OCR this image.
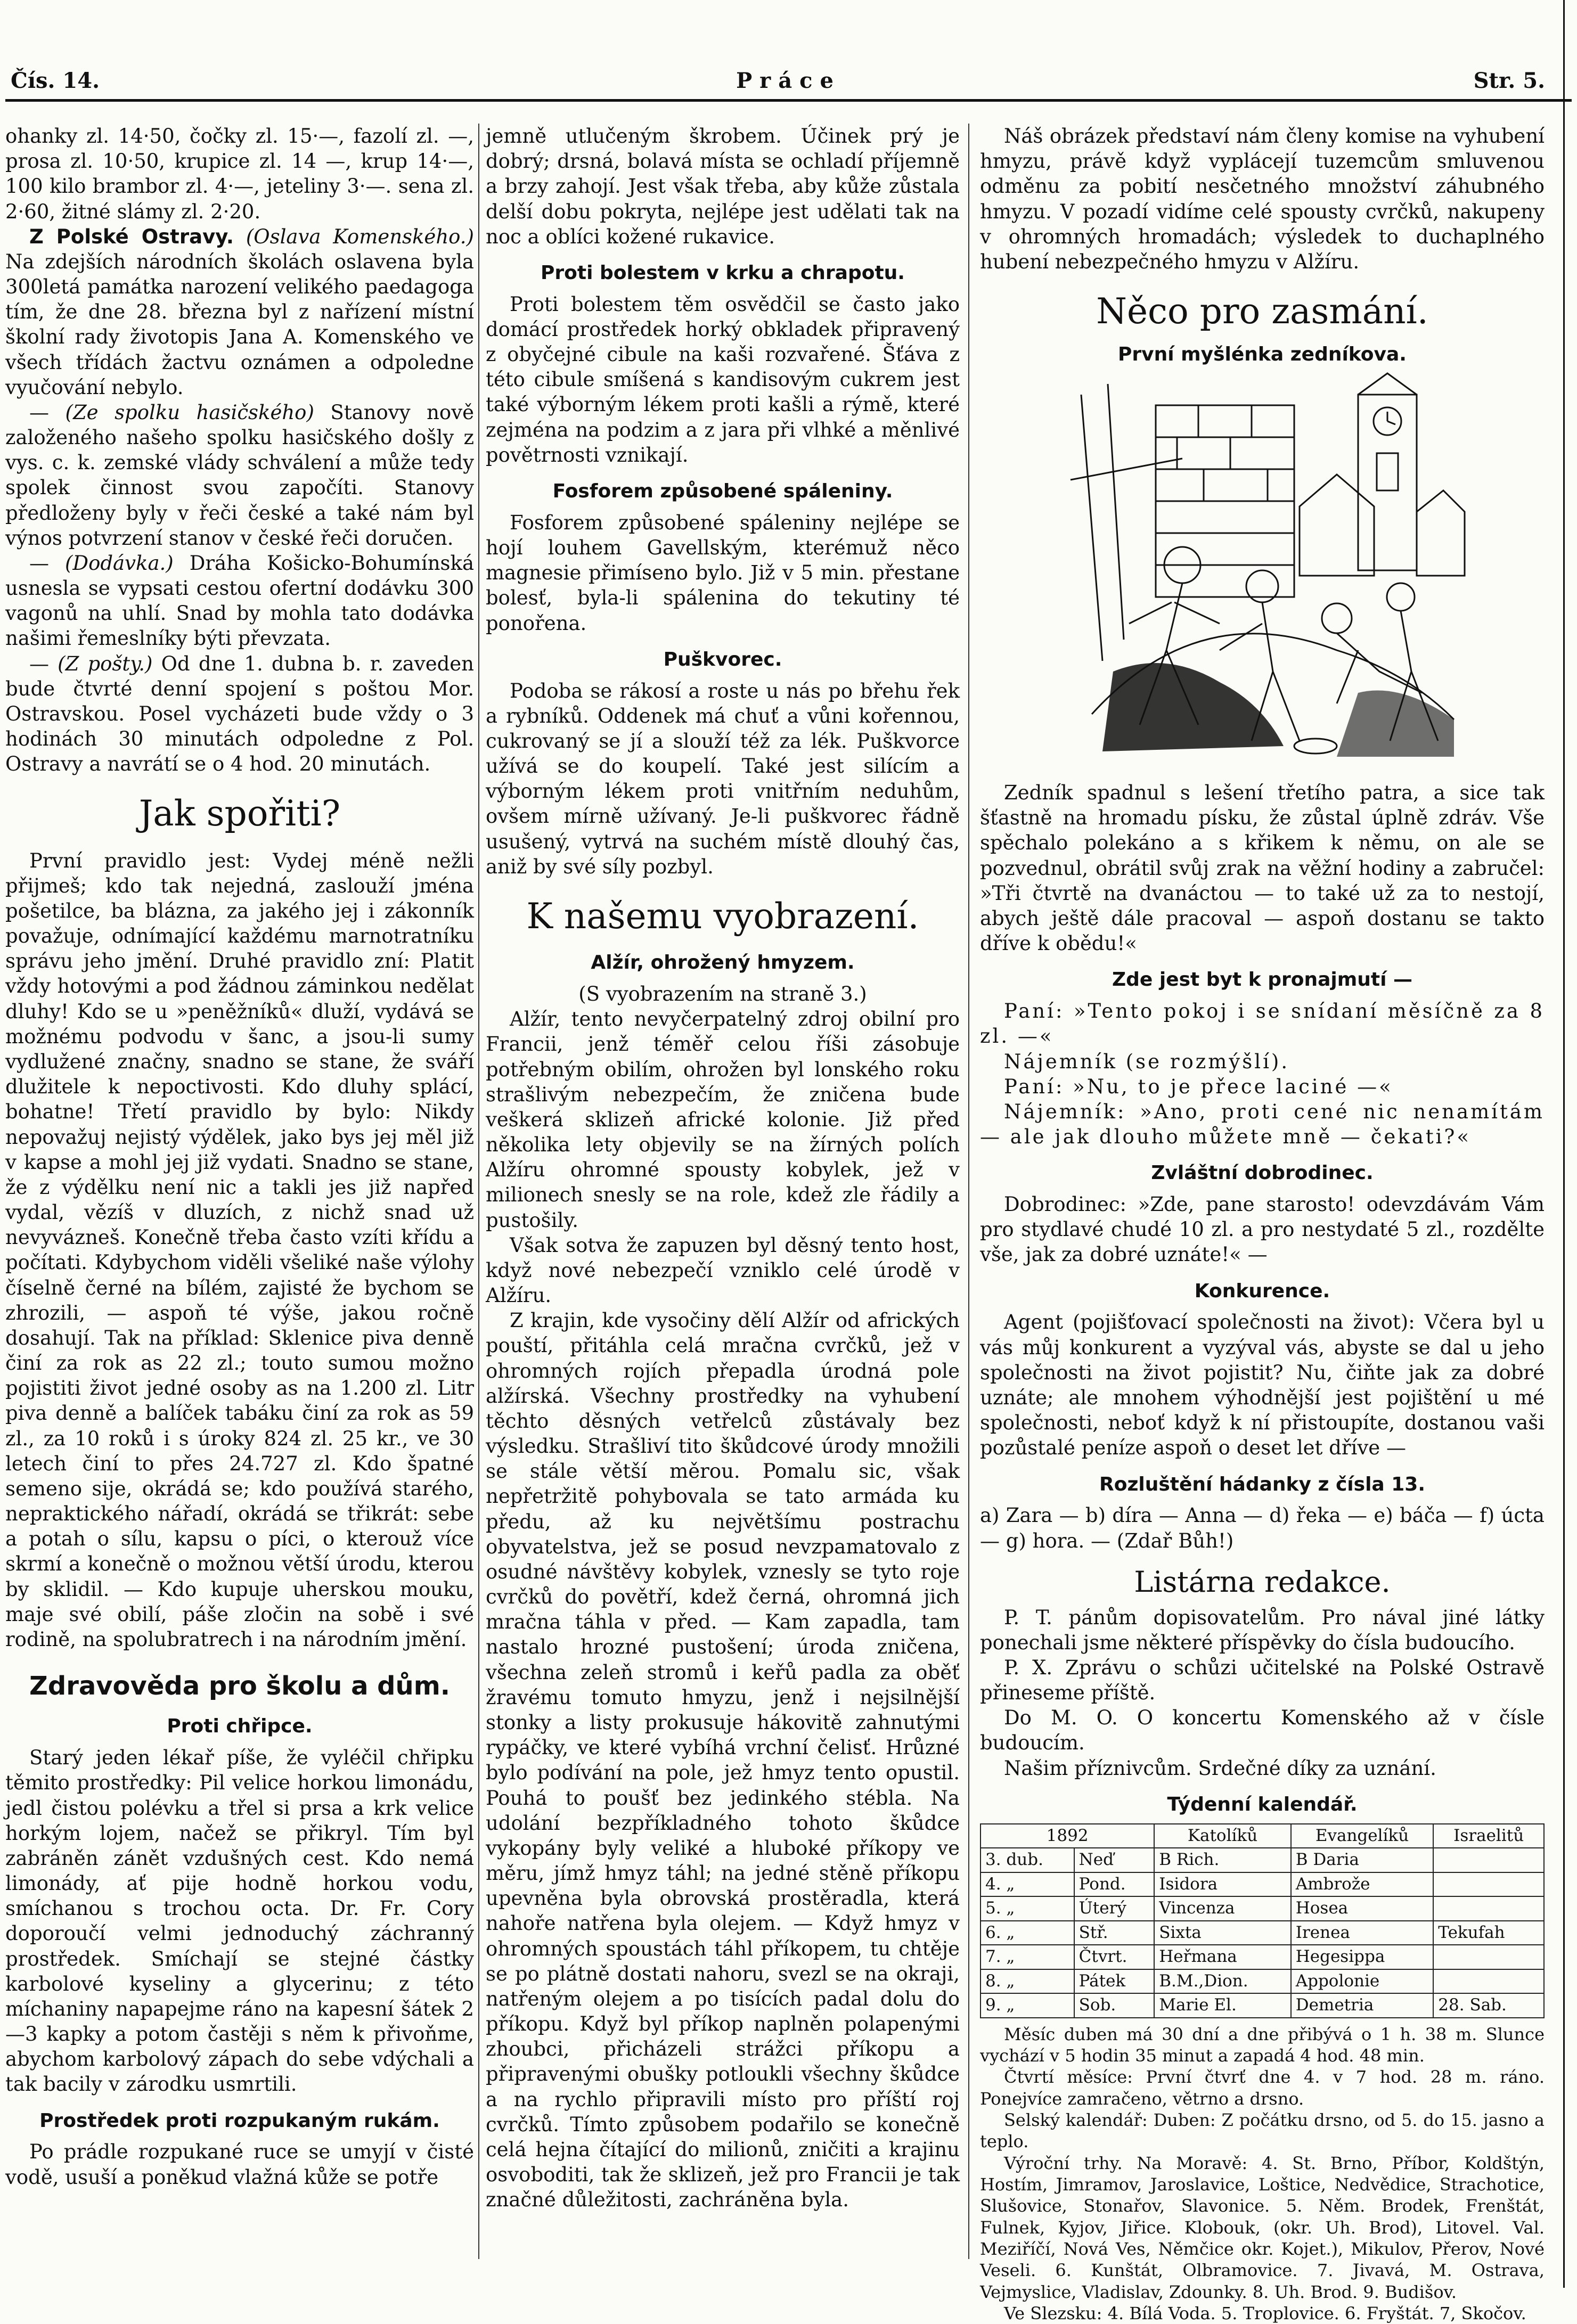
Čís. 14.	Práce	Str. 5.

ohanky zl. 14·50, čočky zl. 15·—, fazolí zl. —, prosa zl. 10·50, krupice zl. 14 —, krup 14·—, 100 kilo brambor zl. 4·—, jeteliny 3·—. sena zl. 2·60, žitné slámy zl. 2·20.

Z Polské Ostravy. (Oslava Komenského.) Na zdejších národních školách oslavena byla 300letá památka narození velikého paedagoga tím, že dne 28. března byl z nařízení místní školní rady životopis Jana A. Komenského ve všech třídách žactvu oznámen a odpoledne vyučování nebylo.

— (Ze spolku hasičského) Stanovy nově založeného našeho spolku hasičského došly z vys. c. k. zemské vlády schválení a může tedy spolek činnost svou započíti. Stanovy předloženy byly v řeči české a také nám byl výnos potvrzení stanov v české řeči doručen.

— (Dodávka.) Dráha Košicko-Bohumínská usnesla se vypsati cestou ofertní dodávku 300 vagonů na uhlí. Snad by mohla tato dodávka našimi řemeslníky býti převzata.

— (Z pošty.) Od dne 1. dubna b. r. zaveden bude čtvrté denní spojení s poštou Mor. Ostravskou. Posel vycházeti bude vždy o 3 hodinách 30 minutách odpoledne z Pol. Ostravy a navrátí se o 4 hod. 20 minutách.

Jak spořiti?

První pravidlo jest: Vydej méně nežli přijmeš; kdo tak nejedná, zaslouží jména pošetilce, ba blázna, za jakého jej i zákonník považuje, odnímající každému marnotratníku správu jeho jmění. Druhé pravidlo zní: Platit vždy hotovými a pod žádnou záminkou nedělat dluhy! Kdo se u »peněžníků« dluží, vydává se možnému podvodu v šanc, a jsou-li sumy vydlužené značny, snadno se stane, že sváří dlužitele k nepoctivosti. Kdo dluhy splácí, bohatne! Třetí pravidlo by bylo: Nikdy nepovažuj nejistý výdělek, jako bys jej měl již v kapse a mohl jej již vydati. Snadno se stane, že z výdělku není nic a takli jes již napřed vydal, vězíš v dluzích, z nichž snad už nevyvázneš. Konečně třeba často vzíti křídu a počítati. Kdybychom viděli všeliké naše výlohy číselně černé na bílém, zajisté že bychom se zhrozili, — aspoň té výše, jakou ročně dosahují. Tak na příklad: Sklenice piva denně činí za rok as 22 zl.; touto sumou možno pojistiti život jedné osoby as na 1.200 zl. Litr piva denně a balíček tabáku činí za rok as 59 zl., za 10 roků i s úroky 824 zl. 25 kr., ve 30 letech činí to přes 24.727 zl. Kdo špatné semeno sije, okrádá se; kdo používá starého, nepraktického nářadí, okrádá se třikrát: sebe a potah o sílu, kapsu o píci, o kterouž více skrmí a konečně o možnou větší úrodu, kterou by sklidil. — Kdo kupuje uherskou mouku, maje své obilí, páše zločin na sobě i své rodině, na spolubratrech i na národním jmění.

Zdravověda pro školu a dům.
Proti chřipce.

Starý jeden lékař píše, že vyléčil chřipku těmito prostředky: Pil velice horkou limonádu, jedl čistou polévku a třel si prsa a krk velice horkým lojem, načež se přikryl. Tím byl zabráněn zánět vzdušných cest. Kdo nemá limonády, ať pije hodně horkou vodu, smíchanou s trochou octa. Dr. Fr. Cory doporoučí velmi jednoduchý záchranný prostředek. Smíchají se stejné částky karbolové kyseliny a glycerinu; z této míchaniny napapejme ráno na kapesní šátek 2—3 kapky a potom častěji s něm k přivoňme, abychom karbolový zápach do sebe vdýchali a tak bacily v zárodku usmrtili.

Prostředek proti rozpukaným rukám.

Po prádle rozpukané ruce se umyjí v čisté vodě, usuší a poněkud vlažná kůže se potře

jemně utlučeným škrobem. Účinek prý je dobrý; drsná, bolavá místa se ochladí příjemně a brzy zahojí. Jest však třeba, aby kůže zůstala delší dobu pokryta, nejlépe jest udělati tak na noc a oblíci kožené rukavice.

Proti bolestem v krku a chrapotu.

Proti bolestem těm osvědčil se často jako domácí prostředek horký obkladek připravený z obyčejné cibule na kaši rozvařené. Šťáva z této cibule smíšená s kandisovým cukrem jest také výborným lékem proti kašli a rýmě, které zejména na podzim a z jara při vlhké a měnlivé povětrnosti vznikají.

Fosforem způsobené spáleniny.

Fosforem způsobené spáleniny nejlépe se hojí louhem Gavellským, kterémuž něco magnesie přimíseno bylo. Již v 5 min. přestane bolesť, byla-li spálenina do tekutiny té ponořena.

Puškvorec.

Podoba se rákosí a roste u nás po břehu řek a rybníků. Oddenek má chuť a vůni kořennou, cukrovaný se jí a slouží též za lék. Puškvorce užívá se do koupelí. Také jest silícím a výborným lékem proti vnitřním neduhům, ovšem mírně užívaný. Je-li puškvorec řádně usušený, vytrvá na suchém místě dlouhý čas, aniž by své síly pozbyl.

K našemu vyobrazení.
Alžír, ohrožený hmyzem.

(S vyobrazením na straně 3.)

Alžír, tento nevyčerpatelný zdroj obilní pro Francii, jenž téměř celou říši zásobuje potřebným obilím, ohrožen byl lonského roku strašlivým nebezpečím, že zničena bude veškerá sklizeň africké kolonie. Již před několika lety objevily se na žírných polích Alžíru ohromné spousty kobylek, jež v milionech snesly se na role, kdež zle řádily a pustošily.

Však sotva že zapuzen byl děsný tento host, když nové nebezpečí vzniklo celé úrodě v Alžíru.

Z krajin, kde vysočiny dělí Alžír od afrických pouští, přitáhla celá mračna cvrčků, jež v ohromných rojích přepadla úrodná pole alžírská. Všechny prostředky na vyhubení těchto děsných vetřelců zůstávaly bez výsledku. Strašliví tito škůdcové úrody množili se stále větší měrou. Pomalu sic, však nepřetržitě pohybovala se tato armáda ku předu, až ku největšímu postrachu obyvatelstva, jež se posud nevzpamatovalo z osudné návštěvy kobylek, vznesly se tyto roje cvrčků do povětří, kdež černá, ohromná jich mračna táhla v před. — Kam zapadla, tam nastalo hrozné pustošení; úroda zničena, všechna zeleň stromů i keřů padla za oběť žravému tomuto hmyzu, jenž i nejsilnější stonky a listy prokusuje hákovitě zahnutými rypáčky, ve které vybíhá vrchní čelisť. Hrůzné bylo podívání na pole, jež hmyz tento opustil. Pouhá to poušť bez jedinkého stébla. Na udolání bezpříkladného tohoto škůdce vykopány byly veliké a hluboké příkopy ve měru, jímž hmyz táhl; na jedné stěně příkopu upevněna byla obrovská prostěradla, která nahoře natřena byla olejem. — Když hmyz v ohromných spoustách táhl příkopem, tu chtěje se po plátně dostati nahoru, svezl se na okraji, natřeným olejem a po tisících padal dolu do příkopu. Když byl příkop naplněn polapenými zhoubci, přicházeli strážci příkopu a připravenými obušky potloukli všechny škůdce a na rychlo připravili místo pro příští roj cvrčků. Tímto způsobem podařilo se konečně celá hejna čítající do milionů, zničiti a krajinu osvoboditi, tak že sklizeň, jež pro Francii je tak značné důležitosti, zachráněna byla.

Náš obrázek představí nám členy komise na vyhubení hmyzu, právě když vyplácejí tuzemcům smluvenou odměnu za pobití nesčetného množství záhubného hmyzu. V pozadí vidíme celé spousty cvrčků, nakupeny v ohromných hromadách; výsledek to duchaplného hubení nebezpečného hmyzu v Alžíru.

Něco pro zasmání.
První myšlénka zedníkova.

Zedník spadnul s lešení třetího patra, a sice tak šťastně na hromadu písku, že zůstal úplně zdráv. Vše spěchalo polekáno a s křikem k němu, on ale se pozvednul, obrátil svůj zrak na věžní hodiny a zabručel: »Tři čtvrtě na dvanáctou — to také už za to nestojí, abych ještě dále pracoval — aspoň dostanu se takto dříve k obědu!«

Zde jest byt k pronajmutí —

Paní: »Tento pokoj i se snídaní měsíčně za 8 zl. —«

Nájemník (se rozmýšlí).

Paní: »Nu, to je přece laciné —«

Nájemník: »Ano, proti cené nic nenamítám — ale jak dlouho můžete mně — čekati?«

Zvláštní dobrodinec.

Dobrodinec: »Zde, pane starosto! odevzdávám Vám pro stydlavé chudé 10 zl. a pro nestydaté 5 zl., rozdělte vše, jak za dobré uznáte!« —

Konkurence.

Agent (pojišťovací společnosti na život): Včera byl u vás můj konkurent a vyzýval vás, abyste se dal u jeho společnosti na život pojistit? Nu, čiňte jak za dobré uznáte; ale mnohem výhodnější jest pojištění u mé společnosti, neboť když k ní přistoupíte, dostanou vaši pozůstalé peníze aspoň o deset let dříve —

Rozluštění hádanky z čísla 13.

a) Zara — b) díra — Anna — d) řeka — e) báča — f) úcta — g) hora. — (Zdař Bůh!)

Listárna redakce.

P. T. pánům dopisovatelům. Pro nával jiné látky ponechali jsme některé příspěvky do čísla budoucího.

P. X. Zprávu o schůzi učitelské na Polské Ostravě přineseme příště.

Do M. O. O koncertu Komenského až v čísle budoucím.

Našim příznivcům. Srdečné díky za uznání.

Týdenní kalendář.
1892		Katolíků	Evangelíků	Israelitů
3. dub.	Neď	B Rich.	B Daria	
4. „	Pond.	Isidora	Ambrože	
5. „	Úterý	Vincenza	Hosea	
6. „	Stř.	Sixta	Irenea	Tekufah
7. „	Čtvrt.	Heřmana	Hegesippa	
8. „	Pátek	B.M.,Dion.	Appolonie	
9. „	Sob.	Marie El.	Demetria	28. Sab.

Měsíc duben má 30 dní a dne přibývá o 1 h. 38 m. Slunce vychází v 5 hodin 35 minut a zapadá 4 hod. 48 min.

Čtvrtí měsíce: První čtvrť dne 4. v 7 hod. 28 m. ráno. Ponejvíce zamračeno, větrno a drsno.

Selský kalendář: Duben: Z počátku drsno, od 5. do 15. jasno a teplo.

Výroční trhy. Na Moravě: 4. St. Brno, Příbor, Koldštýn, Hostím, Jimramov, Jaroslavice, Loštice, Nedvědice, Strachotice, Slušovice, Stonařov, Slavonice. 5. Něm. Brodek, Frenštát, Fulnek, Kyjov, Jiřice. Klobouk, (okr. Uh. Brod), Litovel. Val. Meziříčí, Nová Ves, Němčice okr. Kojet.), Mikulov, Přerov, Nové Veseli. 6. Kunštát, Olbramovice. 7. Jivavá, M. Ostrava, Vejmyslice, Vladislav, Zdounky. 8. Uh. Brod. 9. Budišov.

Ve Slezsku: 4. Bílá Voda. 5. Troplovice. 6. Fryštát. 7, Skočov.
